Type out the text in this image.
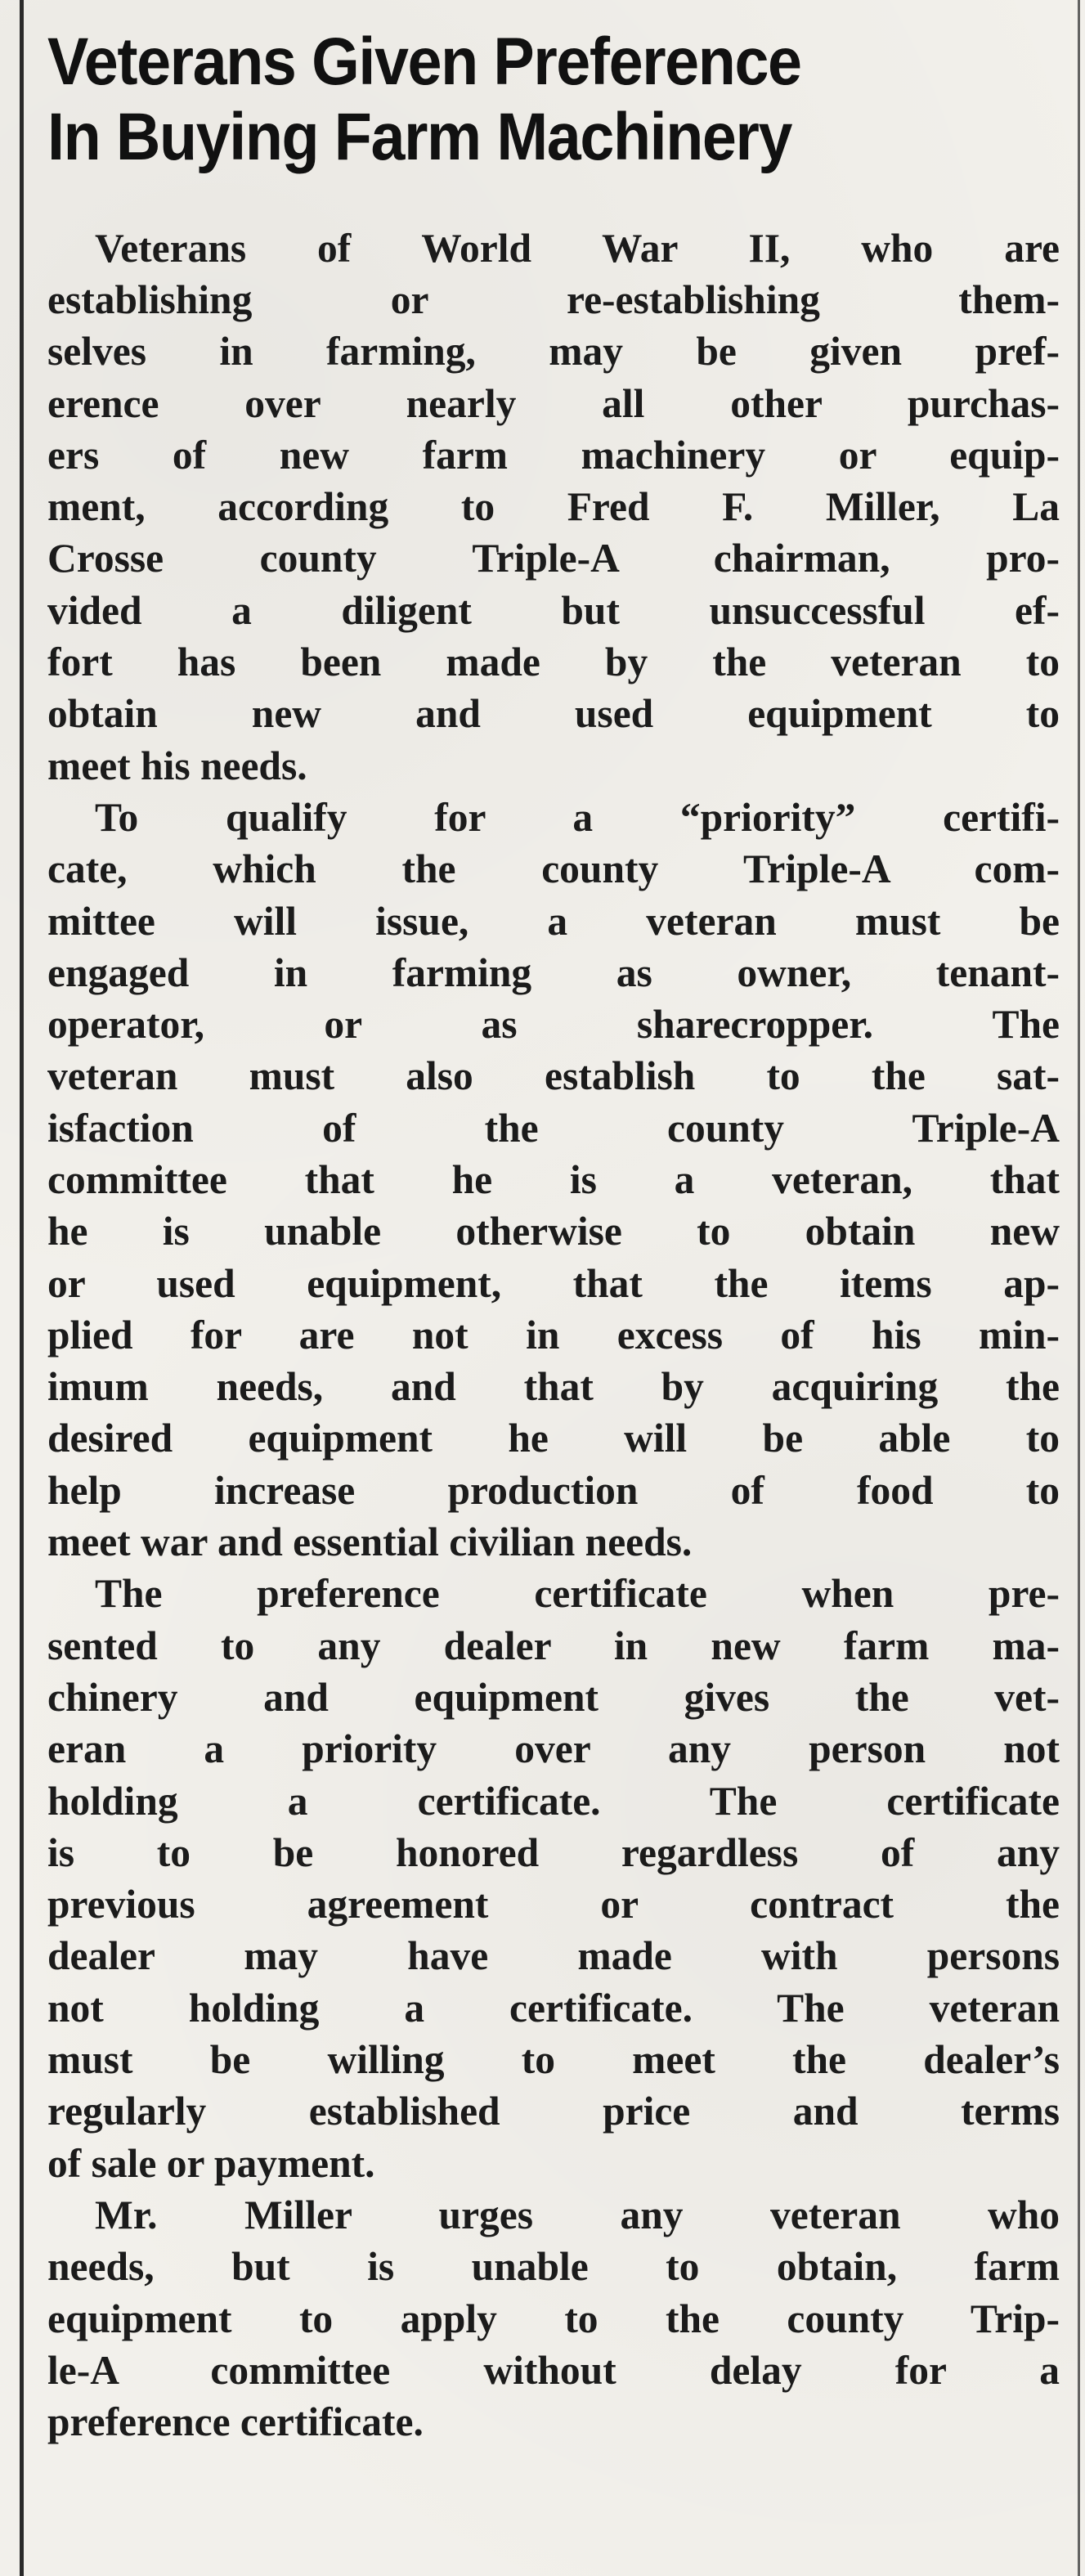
Veterans Given Preference
In Buying Farm Machinery

Veterans of World War II, who are
establishing or re-establishing them-
selves in farming, may be given pref-
erence over nearly all other purchas-
ers of new farm machinery or equip-
ment, according to Fred F. Miller, La
Crosse county Triple-A chairman, pro-
vided a diligent but unsuccessful ef-
fort has been made by the veteran to
obtain new and used equipment to
meet his needs.

To qualify for a “priority” certifi-
cate, which the county Triple-A com-
mittee will issue, a veteran must be
engaged in farming as owner, tenant-
operator, or as sharecropper. The
veteran must also establish to the sat-
isfaction of the county Triple-A
committee that he is a veteran, that
he is unable otherwise to obtain new
or used equipment, that the items ap-
plied for are not in excess of his min-
imum needs, and that by acquiring the
desired equipment he will be able to
help increase production of food to
meet war and essential civilian needs.

The preference certificate when pre-
sented to any dealer in new farm ma-
chinery and equipment gives the vet-
eran a priority over any person not
holding a certificate. The certificate
is to be honored regardless of any
previous agreement or contract the
dealer may have made with persons
not holding a certificate. The veteran
must be willing to meet the dealer’s
regularly established price and terms
of sale or payment.

Mr. Miller urges any veteran who
needs, but is unable to obtain, farm
equipment to apply to the county Trip-
le-A committee without delay for a
preference certificate.
